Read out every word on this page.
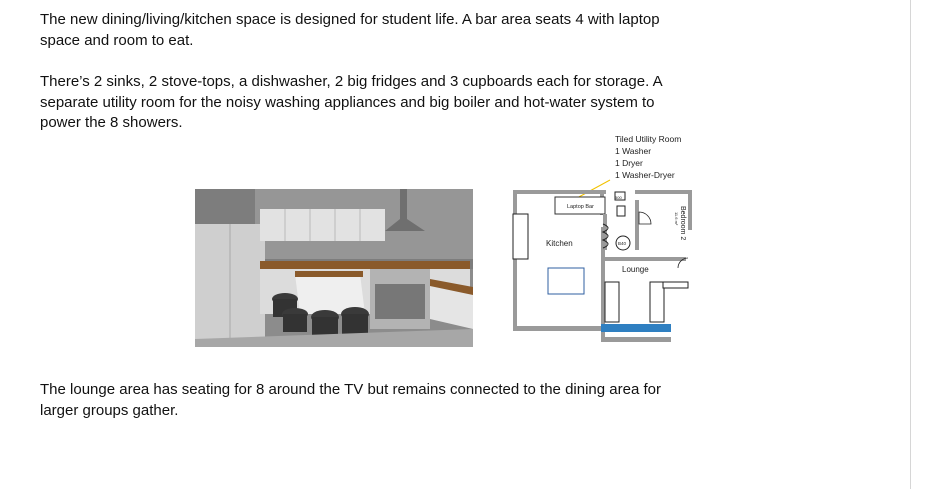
The new dining/living/kitchen space is designed for student life. A bar area seats 4 with laptop
space and room to eat.

There’s 2 sinks, 2 stove-tops, a dishwasher, 2 big fridges and 3 cupboards each for storage. A
separate utility room for the noisy washing appliances and big boiler and hot-water system to
power the 8 showers.

Tiled Utility Room
1 Washer
1 Dryer
1 Washer-Dryer
Laptop Bar
Kitchen	B40
500
Bedroom 2
11.6 m²
Lounge

The lounge area has seating for 8 around the TV but remains connected to the dining area for
larger groups gather.
